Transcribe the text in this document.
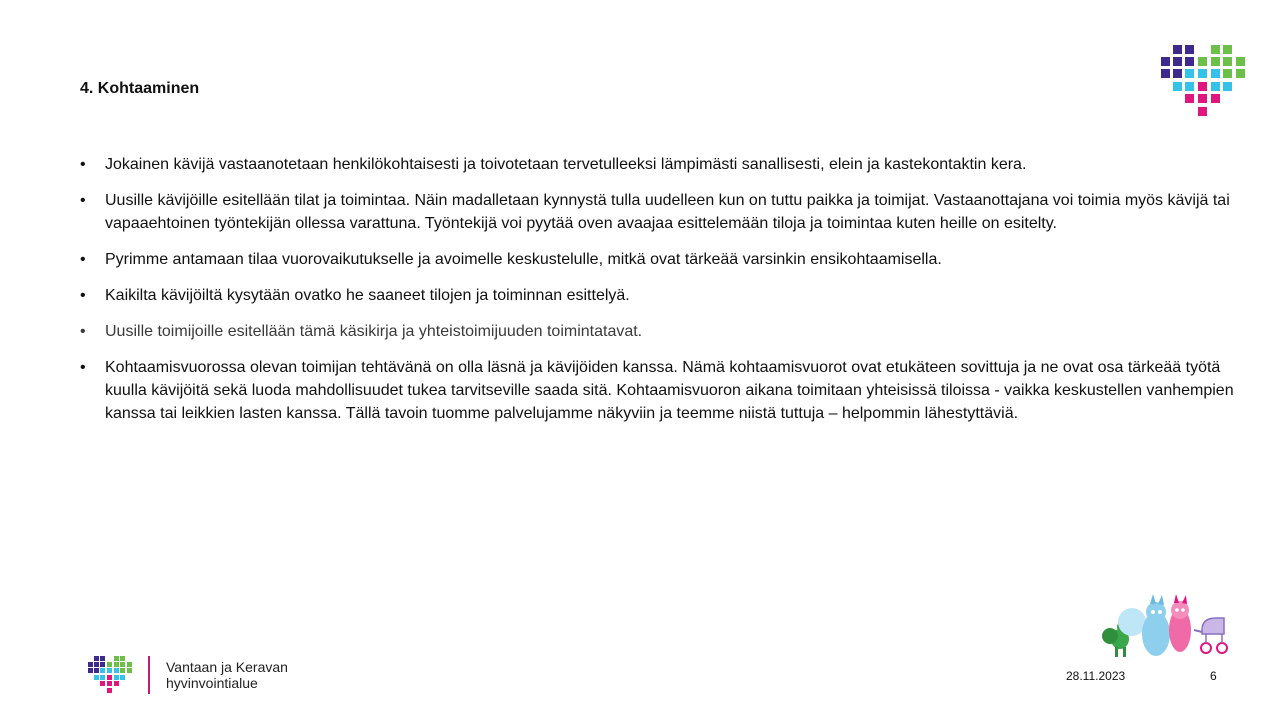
4. Kohtaaminen
• Jokainen kävijä vastaanotetaan henkilökohtaisesti ja toivotetaan tervetulleeksi lämpimästi sanallisesti, elein ja kastekontaktin kera.
• Uusille kävijöille esitellään tilat ja toimintaa. Näin madalletaan kynnystä tulla uudelleen kun on tuttu paikka ja toimijat. Vastaanottajana voi toimia myös kävijä tai vapaaehtoinen työntekijän ollessa varattuna. Työntekijä voi pyytää oven avaajaa esittelemään tiloja ja toimintaa kuten heille on esitelty.
• Pyrimme antamaan tilaa vuorovaikutukselle ja avoimelle keskustelulle, mitkä ovat tärkeää varsinkin ensikohtaamisella.
• Kaikilta kävijöiltä kysytään ovatko he saaneet tilojen ja toiminnan esittelyä.
• Uusille toimijoille esitellään tämä käsikirja ja yhteistoimijuuden toimintatavat.
• Kohtaamisvuorossa olevan toimijan tehtävänä on olla läsnä ja kävijöiden kanssa. Nämä kohtaamisvuorot ovat etukäteen sovittuja ja ne ovat osa tärkeää työtä kuulla kävijöitä sekä luoda mahdollisuudet tukea tarvitseville saada sitä. Kohtaamisvuoron aikana toimitaan yhteisissä tiloissa - vaikka keskustellen vanhempien kanssa tai leikkien lasten kanssa. Tällä tavoin tuomme palvelujamme näkyviin ja teemme niistä tuttuja – helpommin lähestyttäviä.
Vantaan ja Keravan
hyvinvointialue	28.11.2023	6
